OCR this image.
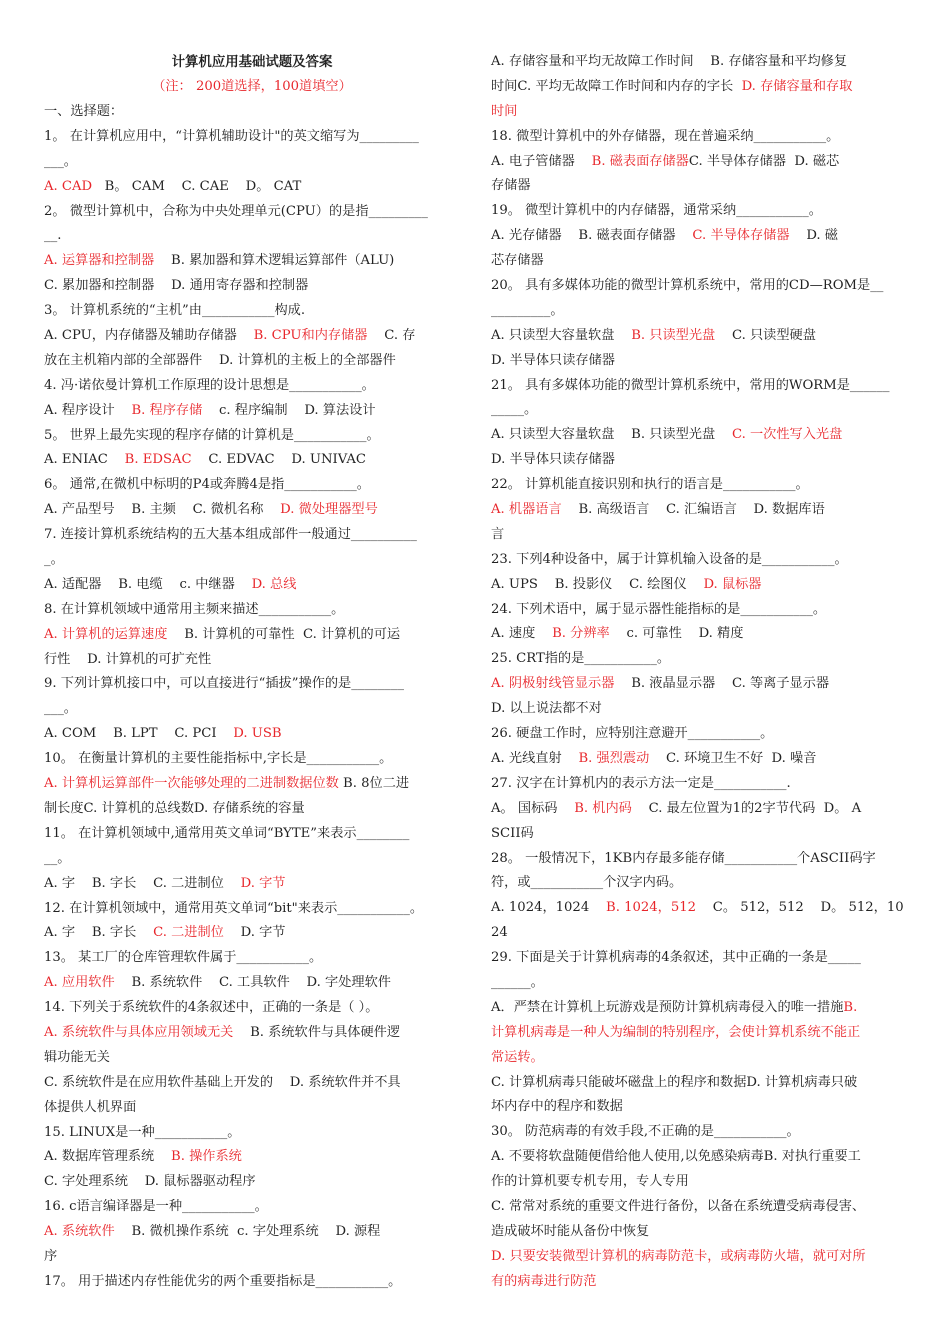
计算机应用基础试题及答案
（注： 200道选择，100道填空）
一、选择题：
1。 在计算机应用中，“计算机辅助设计"的英文缩写为_________
___。
A. CAD   B。 CAM    C. CAE    D。 CAT
2。 微型计算机中，合称为中央处理单元(CPU）的是指_________
__.
A. 运算器和控制器    B. 累加器和算术逻辑运算部件（ALU)
C. 累加器和控制器    D. 通用寄存器和控制器
3。 计算机系统的“主机”由___________构成.
A. CPU，内存储器及辅助存储器    B. CPU和内存储器    C. 存
放在主机箱内部的全部器件    D. 计算机的主板上的全部器件
4. 冯·诺依曼计算机工作原理的设计思想是___________。
A. 程序设计    B. 程序存储    c. 程序编制    D. 算法设计
5。 世界上最先实现的程序存储的计算机是___________。
A. ENIAC    B. EDSAC    C. EDVAC    D. UNIVAC
6。 通常,在微机中标明的P4或奔腾4是指___________。
A. 产品型号    B. 主频    C. 微机名称    D. 微处理器型号
7. 连接计算机系统结构的五大基本组成部件一般通过__________
_。
A. 适配器    B. 电缆    c. 中继器    D. 总线
8. 在计算机领域中通常用主频来描述___________。
A. 计算机的运算速度    B. 计算机的可靠性  C. 计算机的可运
行性    D. 计算机的可扩充性
9. 下列计算机接口中，可以直接进行“插拔”操作的是________
___。
A. COM    B. LPT    C. PCI    D. USB
10。 在衡量计算机的主要性能指标中,字长是___________。
A. 计算机运算部件一次能够处理的二进制数据位数 B. 8位二进
制长度C. 计算机的总线数D. 存储系统的容量
11。 在计算机领域中,通常用英文单词“BYTE”来表示________
__。
A. 字    B. 字长    C. 二进制位    D. 字节
12. 在计算机领域中，通常用英文单词“bit"来表示___________。
A. 字    B. 字长    C. 二进制位    D. 字节
13。 某工厂的仓库管理软件属于___________。
A. 应用软件    B. 系统软件    C. 工具软件    D. 字处理软件
14. 下列关于系统软件的4条叙述中，正确的一条是（ ）。
A. 系统软件与具体应用领域无关    B. 系统软件与具体硬件逻
辑功能无关
C. 系统软件是在应用软件基础上开发的    D. 系统软件并不具
体提供人机界面
15. LINUX是一种___________。
A. 数据库管理系统    B. 操作系统
C. 字处理系统    D. 鼠标器驱动程序
16. c语言编译器是一种___________。
A. 系统软件    B. 微机操作系统  c. 字处理系统    D. 源程
序
17。 用于描述内存性能优劣的两个重要指标是___________。
A. 存储容量和平均无故障工作时间    B. 存储容量和平均修复
时间C. 平均无故障工作时间和内存的字长  D. 存储容量和存取
时间
18. 微型计算机中的外存储器，现在普遍采纳___________。
A. 电子管储器    B. 磁表面存储器C. 半导体存储器  D. 磁芯
存储器
19。 微型计算机中的内存储器，通常采纳___________。
A. 光存储器    B. 磁表面存储器    C. 半导体存储器    D. 磁
芯存储器
20。 具有多媒体功能的微型计算机系统中，常用的CD—ROM是__
_________。
A. 只读型大容量软盘    B. 只读型光盘    C. 只读型硬盘
D. 半导体只读存储器
21。 具有多媒体功能的微型计算机系统中，常用的WORM是______
_____。
A. 只读型大容量软盘    B. 只读型光盘    C. 一次性写入光盘
D. 半导体只读存储器
22。 计算机能直接识别和执行的语言是___________。
A. 机器语言    B. 高级语言    C. 汇编语言    D. 数据库语
言
23. 下列4种设备中，属于计算机输入设备的是___________。
A. UPS    B. 投影仪    C. 绘图仪    D. 鼠标器
24. 下列术语中，属于显示器性能指标的是___________。
A. 速度    B. 分辨率    c. 可靠性    D. 精度
25. CRT指的是___________。
A. 阴极射线管显示器    B. 液晶显示器    C. 等离子显示器
D. 以上说法都不对
26. 硬盘工作时，应特别注意避开___________。
A. 光线直射    B. 强烈震动    C. 环境卫生不好  D. 噪音
27. 汉字在计算机内的表示方法一定是___________.
A。 国标码    B. 机内码    C. 最左位置为1的2字节代码  D。 A
SCII码
28。 一般情况下，1KB内存最多能存储___________个ASCII码字
符，或___________个汉字内码。
A. 1024，1024    B. 1024，512    C。 512，512    D。 512，10
24
29. 下面是关于计算机病毒的4条叙述，其中正确的一条是_____
______。
A．严禁在计算机上玩游戏是预防计算机病毒侵入的唯一措施B.
计算机病毒是一种人为编制的特别程序，会使计算机系统不能正
常运转。
C. 计算机病毒只能破坏磁盘上的程序和数据D. 计算机病毒只破
坏内存中的程序和数据
30。 防范病毒的有效手段,不正确的是___________。
A. 不要将软盘随便借给他人使用,以免感染病毒B. 对执行重要工
作的计算机要专机专用，专人专用
C. 常常对系统的重要文件进行备份，以备在系统遭受病毒侵害、
造成破坏时能从备份中恢复
D. 只要安装微型计算机的病毒防范卡，或病毒防火墙，就可对所
有的病毒进行防范
